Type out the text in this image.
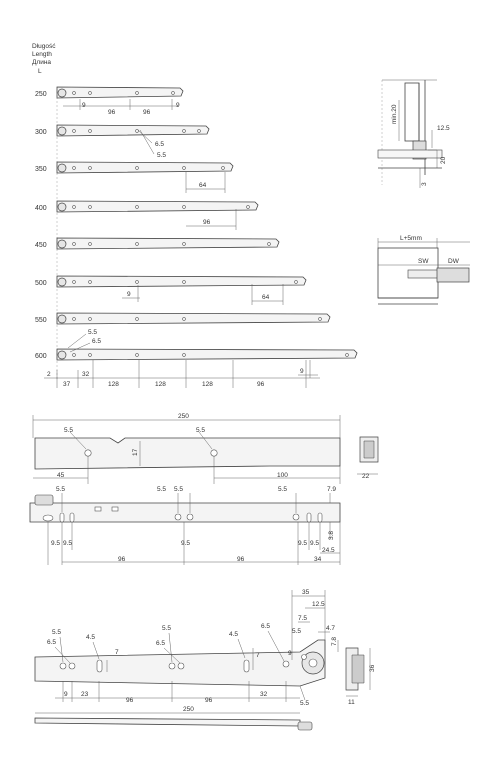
Długość
Length
Длина
L
250
300
350
400
450
500
550
600
9
96	96
9
6.5
5.5
64
96
9	64
5.5
6.5
9
2
37
32
128	128	128	96
min.20
12.5
20
3
L+5mm
SW	DW
250
5.5	5.5
17
45	100	22
5.5	5.5 5.5	5.5	7.9
9.5 9.5	9.5	9.5 9.5
3.8
24.5
96	96	34
35
12.5
7.5
4.7
7.8
5.5
6.5
4.5
7
5.5
6.5
4.5
6.5
5.5
7	9
9 23
96	96
32
5.5
36
11
250
